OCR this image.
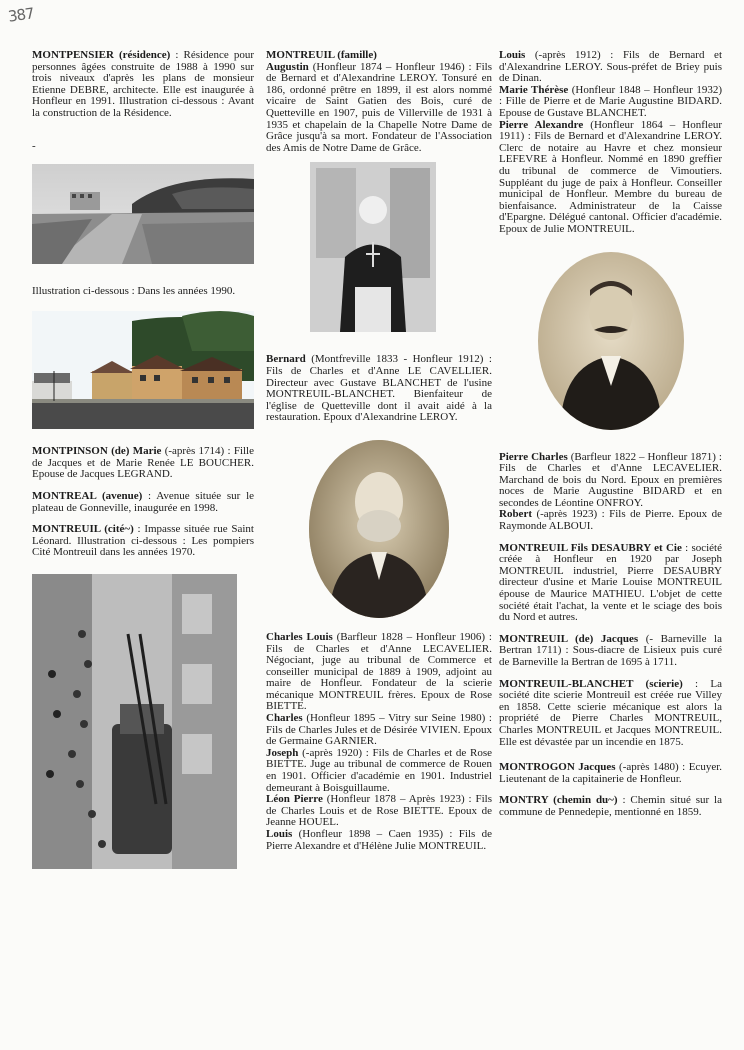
387

MONTPENSIER (résidence) : Résidence pour personnes âgées construite de 1988 à 1990 sur trois niveaux d'après les plans de monsieur Etienne DEBRE, architecte. Elle est inaugurée à Honfleur en 1991. Illustration ci-dessous : Avant la construction de la Résidence.

-

Illustration ci-dessous : Dans les années 1990.

MONTPINSON (de) Marie (-après 1714) : Fille de Jacques et de Marie Renée LE BOUCHER. Epouse de Jacques LEGRAND.

MONTREAL (avenue) : Avenue située sur le plateau de Gonneville, inaugurée en 1998.

MONTREUIL (cité~) : Impasse située rue Saint Léonard. Illustration ci-dessous : Les pompiers Cité Montreuil dans les années 1970.

MONTREUIL (famille)

Augustin (Honfleur 1874 – Honfleur 1946) : Fils de Bernard et d'Alexandrine LEROY. Tonsuré en 186, ordonné prêtre en 1899, il est alors nommé vicaire de Saint Gatien des Bois, curé de Quetteville en 1907, puis de Villerville de 1931 à 1935 et chapelain de la Chapelle Notre Dame de Grâce jusqu'à sa mort. Fondateur de l'Association des Amis de Notre Dame de Grâce.

Bernard (Montfreville 1833 - Honfleur 1912) : Fils de Charles et d'Anne LE CAVELLIER. Directeur avec Gustave BLANCHET de l'usine MONTREUIL-BLANCHET. Bienfaiteur de l'église de Quetteville dont il avait aidé à la restauration. Epoux d'Alexandrine LEROY.

Charles Louis (Barfleur 1828 – Honfleur 1906) : Fils de Charles et d'Anne LECAVELIER. Négociant, juge au tribunal de Commerce et conseiller municipal de 1889 à 1909, adjoint au maire de Honfleur. Fondateur de la scierie mécanique MONTREUIL frères. Epoux de Rose BIETTE.

Charles (Honfleur 1895 – Vitry sur Seine 1980) : Fils de Charles Jules et de Désirée VIVIEN. Epoux de Germaine GARNIER.

Joseph (-après 1920) : Fils de Charles et de Rose BIETTE. Juge au tribunal de commerce de Rouen en 1901. Officier d'académie en 1901. Industriel demeurant à Boisguillaume.

Léon Pierre (Honfleur 1878 – Après 1923) : Fils de Charles Louis et de Rose BIETTE. Epoux de Jeanne HOUEL.

Louis (Honfleur 1898 – Caen 1935) : Fils de Pierre Alexandre et d'Hélène Julie MONTREUIL.

Louis (-après 1912) : Fils de Bernard et d'Alexandrine LEROY. Sous-préfet de Briey puis de Dinan.

Marie Thérèse (Honfleur 1848 – Honfleur 1932) : Fille de Pierre et de Marie Augustine BIDARD. Epouse de Gustave BLANCHET.

Pierre Alexandre (Honfleur 1864 – Honfleur 1911) : Fils de Bernard et d'Alexandrine LEROY. Clerc de notaire au Havre et chez monsieur LEFEVRE à Honfleur. Nommé en 1890 greffier du tribunal de commerce de Vimoutiers. Suppléant du juge de paix à Honfleur. Conseiller municipal de Honfleur. Membre du bureau de bienfaisance. Administrateur de la Caisse d'Epargne. Délégué cantonal. Officier d'académie. Epoux de Julie MONTREUIL.

Pierre Charles (Barfleur 1822 – Honfleur 1871) : Fils de Charles et d'Anne LECAVELIER. Marchand de bois du Nord. Epoux en premières noces de Marie Augustine BIDARD et en secondes de Léontine ONFROY.

Robert (-après 1923) : Fils de Pierre. Epoux de Raymonde ALBOUI.

MONTREUIL Fils DESAUBRY et Cie : société créée à Honfleur en 1920 par Joseph MONTREUIL industriel, Pierre DESAUBRY directeur d'usine et Marie Louise MONTREUIL épouse de Maurice MATHIEU. L'objet de cette société était l'achat, la vente et le sciage des bois du Nord et autres.

MONTREUIL (de) Jacques (- Barneville la Bertran 1711) : Sous-diacre de Lisieux puis curé de Barneville la Bertran de 1695 à 1711.

MONTREUIL-BLANCHET (scierie) : La société dite scierie Montreuil est créée rue Villey en 1858. Cette scierie mécanique est alors la propriété de Pierre Charles MONTREUIL, Charles MONTREUIL et Jacques MONTREUIL. Elle est dévastée par un incendie en 1875.

MONTROGON Jacques (-après 1480) : Ecuyer. Lieutenant de la capitainerie de Honfleur.

MONTRY (chemin du~) : Chemin situé sur la commune de Pennedepie, mentionné en 1859.
